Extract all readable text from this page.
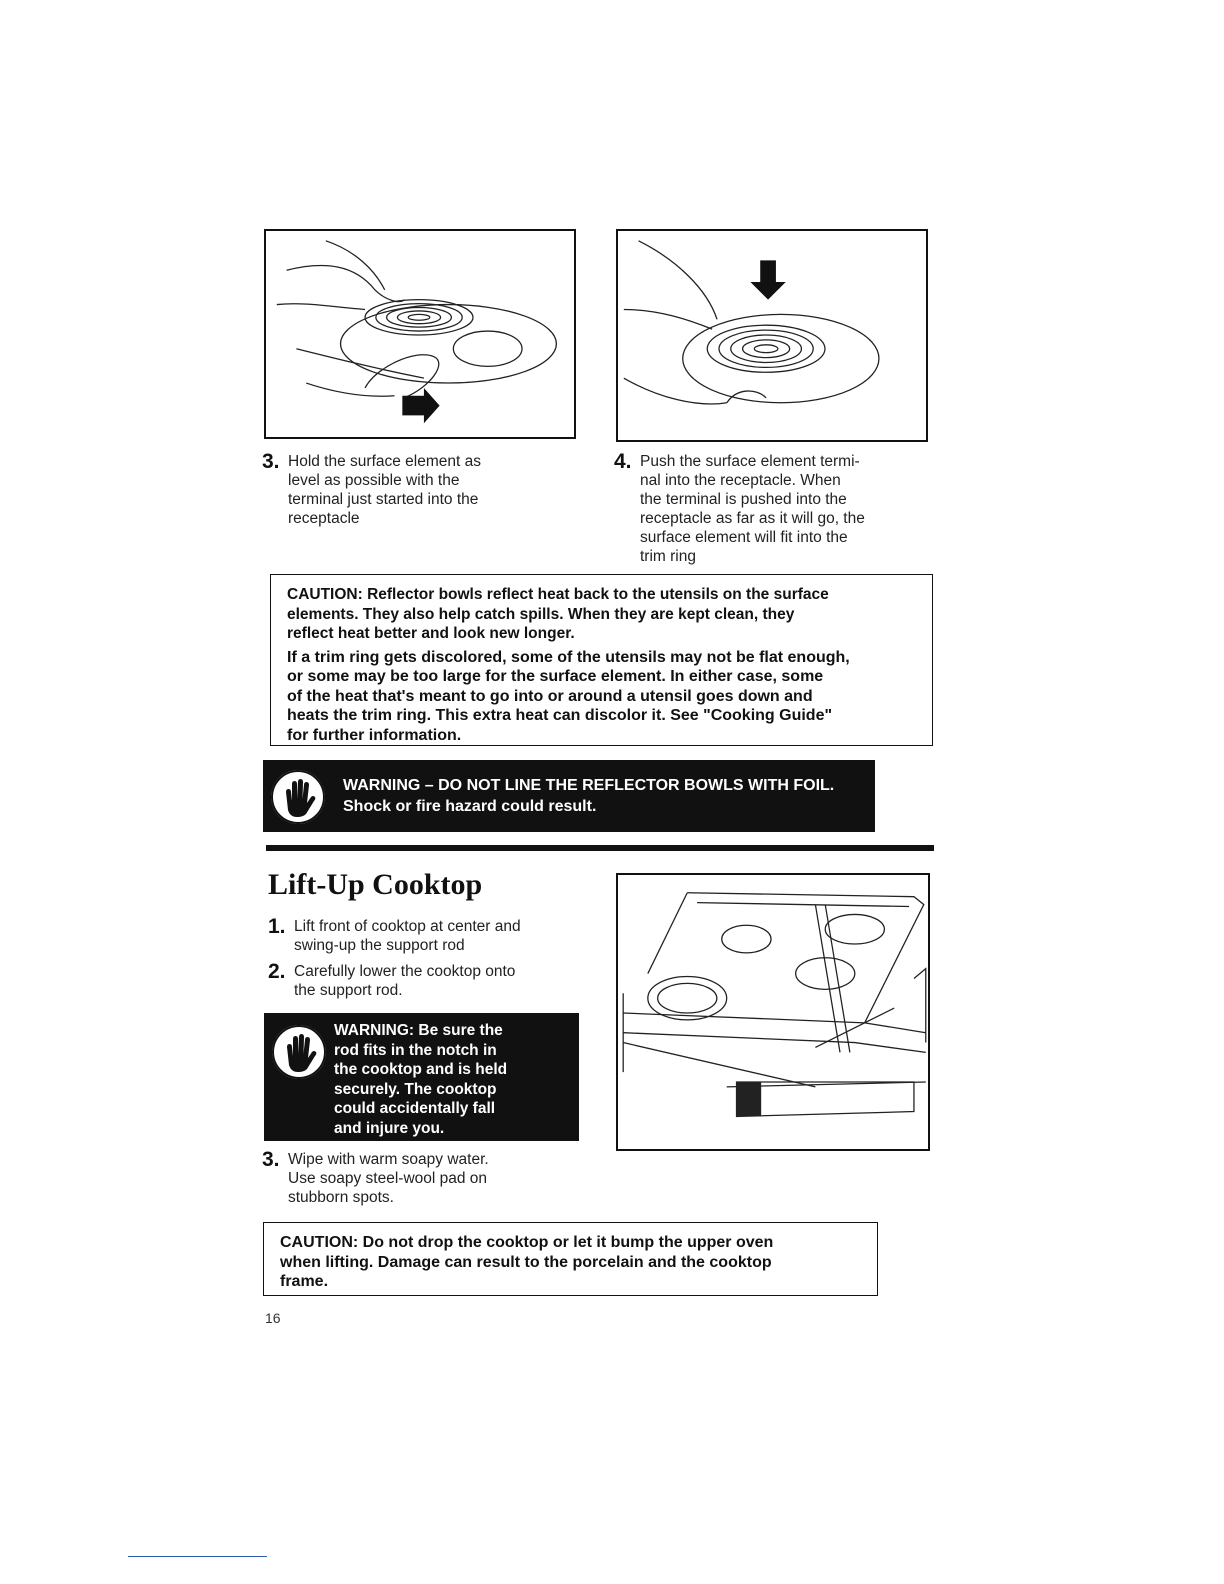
3. Hold the surface element as
level as possible with the
terminal just started into the
receptacle
4. Push the surface element termi-
nal into the receptacle. When
the terminal is pushed into the
receptacle as far as it will go, the
surface element will fit into the
trim ring

CAUTION: Reflector bowls reflect heat back to the utensils on the surface
elements. They also help catch spills. When they are kept clean, they
reflect heat better and look new longer.

If a trim ring gets discolored, some of the utensils may not be flat enough,
or some may be too large for the surface element. In either case, some
of the heat that's meant to go into or around a utensil goes down and
heats the trim ring. This extra heat can discolor it. See "Cooking Guide"
for further information.

WARNING – DO NOT LINE THE REFLECTOR BOWLS WITH FOIL.
Shock or fire hazard could result.
Lift-Up Cooktop
1. Lift front of cooktop at center and
swing-up the support rod
2. Carefully lower the cooktop onto
the support rod.
WARNING: Be sure the
rod fits in the notch in
the cooktop and is held
securely. The cooktop
could accidentally fall
and injure you.
3. Wipe with warm soapy water.
Use soapy steel-wool pad on
stubborn spots.

CAUTION: Do not drop the cooktop or let it bump the upper oven
when lifting. Damage can result to the porcelain and the cooktop
frame.

16
